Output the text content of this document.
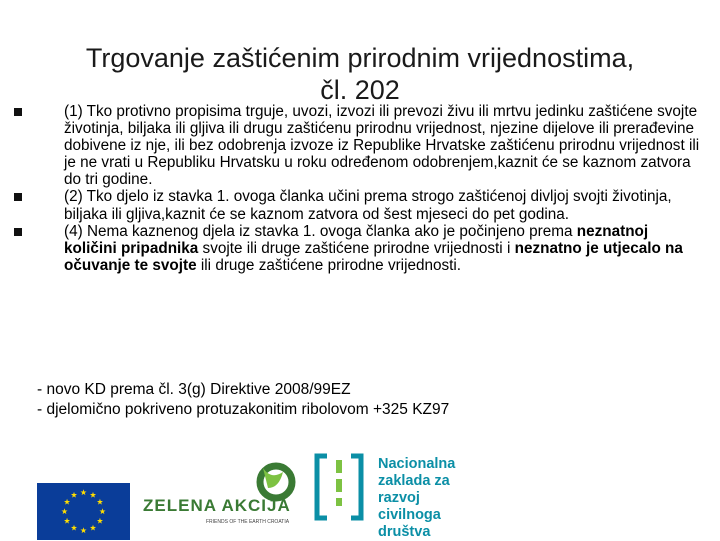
Trgovanje zaštićenim prirodnim vrijednostima,
čl. 202
(1) Tko protivno propisima trguje, uvozi, izvozi ili prevozi živu ili mrtvu jedinku zaštićene svojte životinja, biljaka ili gljiva ili drugu zaštićenu prirodnu vrijednost, njezine dijelove ili prerađevine dobivene iz nje, ili bez odobrenja izvoze iz Republike Hrvatske zaštićenu prirodnu vrijednost ili je ne vrati u Republiku Hrvatsku u roku određenom odobrenjem,kaznit će se kaznom zatvora do tri godine.
(2) Tko djelo iz stavka 1. ovoga članka učini prema strogo zaštićenoj divljoj svojti životinja, biljaka ili gljiva,kaznit će se kaznom zatvora od šest mjeseci do pet godina.
(4) Nema kaznenog djela iz stavka 1. ovoga članka ako je počinjeno prema neznatnoj količini pripadnika svojte ili druge zaštićene prirodne vrijednosti i neznatno je utjecalo na očuvanje te svojte ili druge zaštićene prirodne vrijednosti.
- novo KD prema čl. 3(g) Direktive 2008/99EZ
- djelomično pokriveno protuzakonitim ribolovom +325 KZ97
ZELENA AKCIJA
FRIENDS OF THE EARTH CROATIA
Nacionalna
zaklada za
razvoj
civilnoga
društva
